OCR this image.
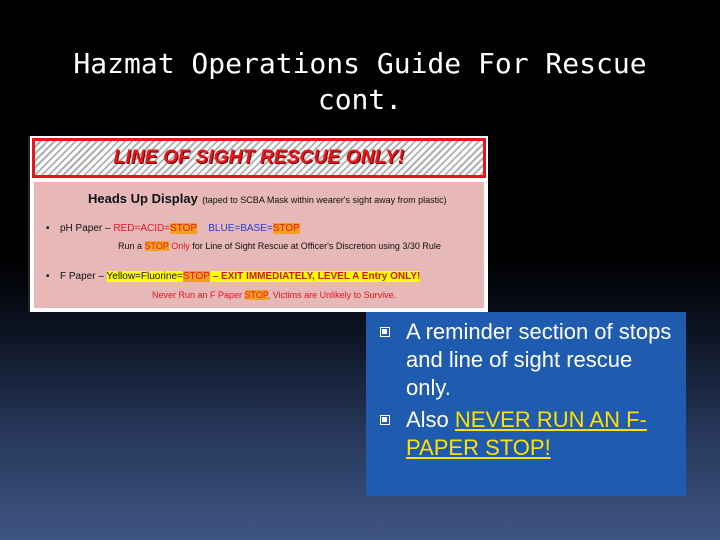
Hazmat Operations Guide For Rescue
cont.
LINE OF SIGHT RESCUE ONLY!
Heads Up Display (taped to SCBA Mask within wearer's sight away from plastic)
• pH Paper – RED=ACID=STOP BLUE=BASE=STOP
Run a STOP Only for Line of Sight Rescue at Officer's Discretion using 3/30 Rule
• F Paper – Yellow=Fluorine=STOP – EXIT IMMEDIATELY, LEVEL A Entry ONLY!
Never Run an F Paper STOP, Victims are Unlikely to Survive.
A reminder section of stops and line of sight rescue only.
Also NEVER RUN AN F-PAPER STOP!
